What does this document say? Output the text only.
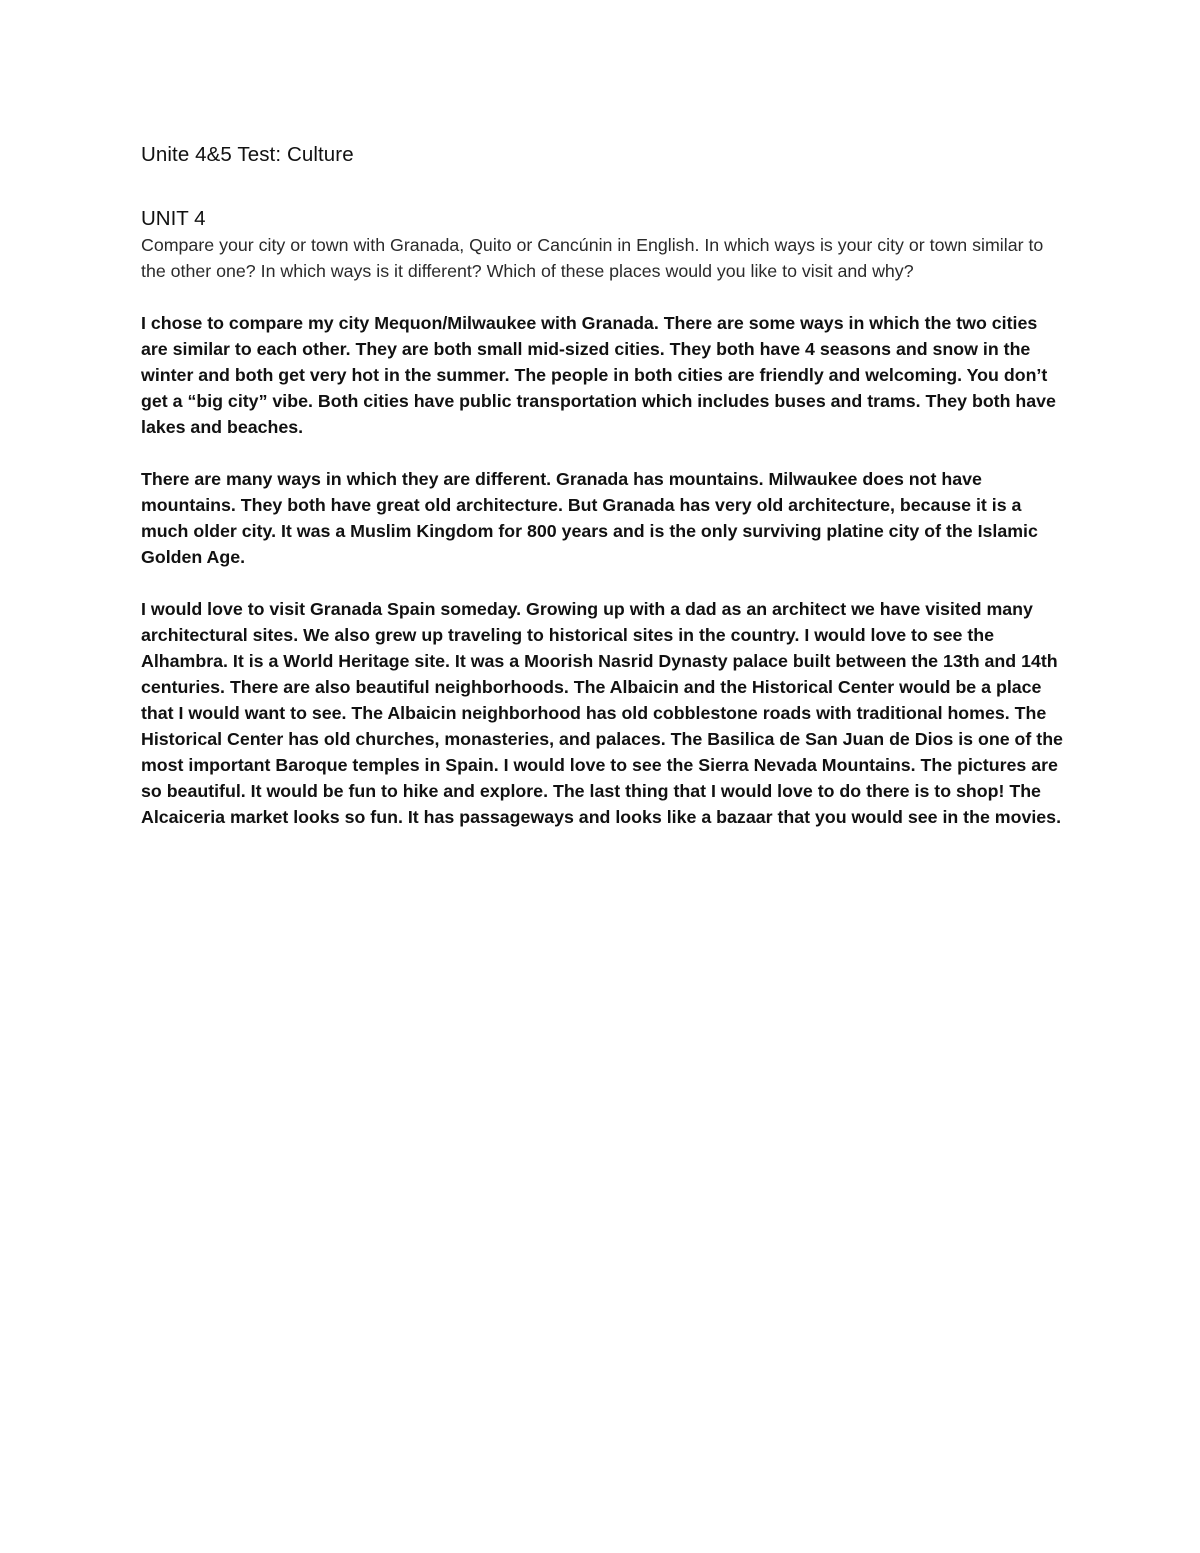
Unite 4&5 Test: Culture
UNIT 4

Compare your city or town with Granada, Quito or Cancúnin in English. In which ways is your city or town similar to the other one? In which ways is it different? Which of these places would you like to visit and why?

I chose to compare my city Mequon/Milwaukee with Granada. There are some ways in which the two cities are similar to each other. They are both small mid-sized cities. They both have 4 seasons and snow in the winter and both get very hot in the summer. The people in both cities are friendly and welcoming. You don’t get a “big city” vibe. Both cities have public transportation which includes buses and trams. They both have lakes and beaches.

There are many ways in which they are different. Granada has mountains. Milwaukee does not have mountains. They both have great old architecture. But Granada has very old architecture, because it is a much older city. It was a Muslim Kingdom for 800 years and is the only surviving platine city of the Islamic Golden Age.

I would love to visit Granada Spain someday. Growing up with a dad as an architect we have visited many architectural sites. We also grew up traveling to historical sites in the country. I would love to see the Alhambra. It is a World Heritage site. It was a Moorish Nasrid Dynasty palace built between the 13th and 14th centuries. There are also beautiful neighborhoods. The Albaicin and the Historical Center would be a place that I would want to see. The Albaicin neighborhood has old cobblestone roads with traditional homes. The Historical Center has old churches, monasteries, and palaces. The Basilica de San Juan de Dios is one of the most important Baroque temples in Spain. I would love to see the Sierra Nevada Mountains. The pictures are so beautiful. It would be fun to hike and explore. The last thing that I would love to do there is to shop! The Alcaiceria market looks so fun. It has passageways and looks like a bazaar that you would see in the movies.
